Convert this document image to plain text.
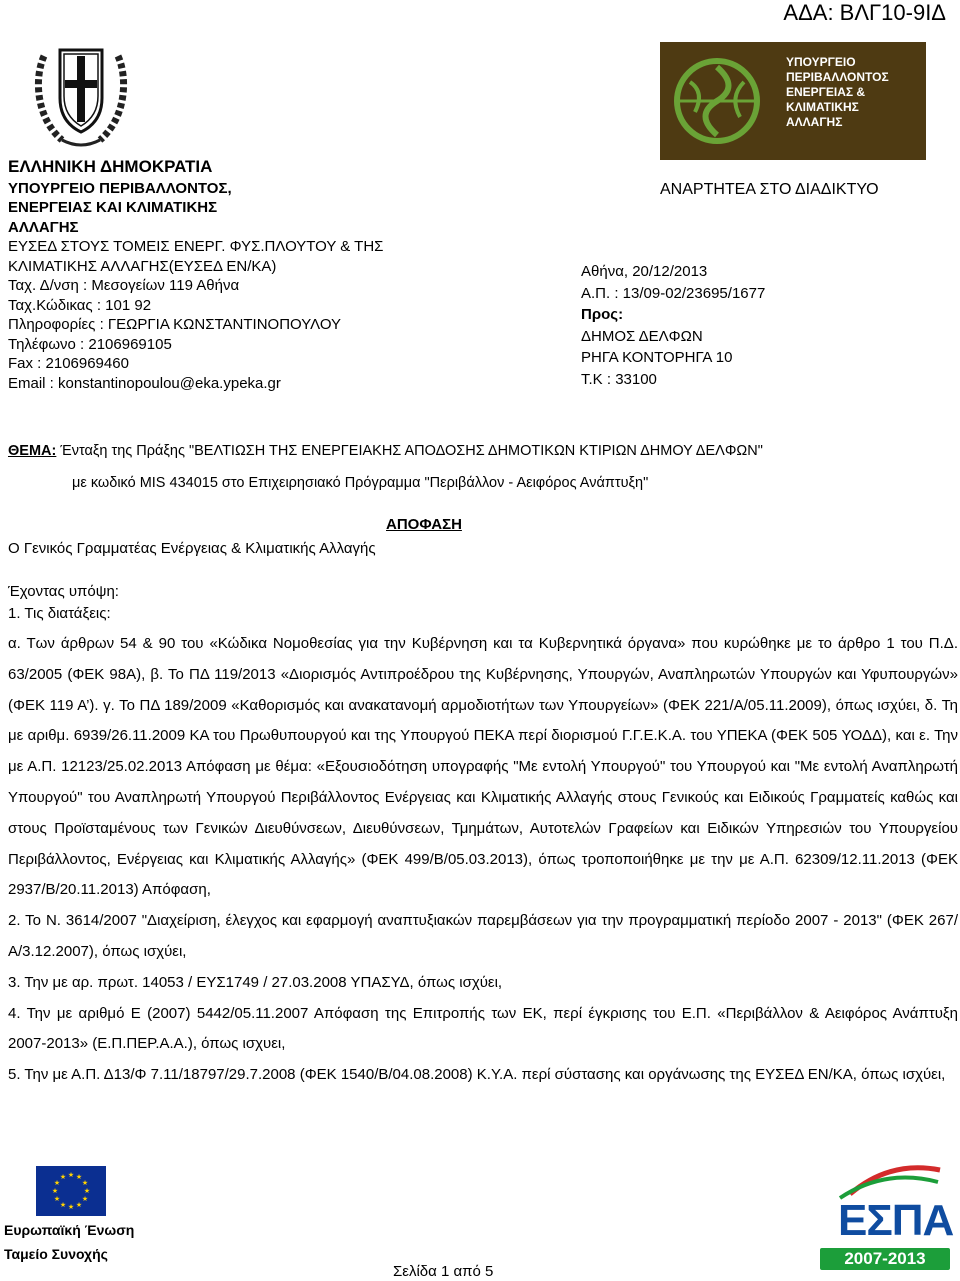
ΑΔΑ: ΒΛΓ10-9ΙΔ
ΥΠΟΥΡΓΕΙΟ
ΠΕΡΙΒΑΛΛΟΝΤΟΣ
ΕΝΕΡΓΕΙΑΣ &
ΚΛΙΜΑΤΙΚΗΣ
ΑΛΛΑΓΗΣ
ΕΛΛΗΝΙΚΗ ΔΗΜΟΚΡΑΤΙΑ
ΥΠΟΥΡΓΕΙΟ ΠΕΡΙΒΑΛΛΟΝΤΟΣ,
ΕΝΕΡΓΕΙΑΣ ΚΑΙ ΚΛΙΜΑΤΙΚΗΣ
ΑΛΛΑΓΗΣ
ΕΥΣΕΔ ΣΤΟΥΣ ΤΟΜΕΙΣ ΕΝΕΡΓ. ΦΥΣ.ΠΛΟΥΤΟΥ & ΤΗΣ
ΚΛΙΜΑΤΙΚΗΣ ΑΛΛΑΓΗΣ(ΕΥΣΕΔ ΕΝ/ΚΑ)
Ταχ. Δ/νση : Μεσογείων 119 Αθήνα
Ταχ.Κώδικας : 101 92
Πληροφορίες : ΓΕΩΡΓΙΑ ΚΩΝΣΤΑΝΤΙΝΟΠΟΥΛΟΥ
Τηλέφωνο : 2106969105
Fax : 2106969460
Email : konstantinopoulou@eka.ypeka.gr
ΑΝΑΡΤΗΤΕΑ ΣΤΟ ΔΙΑΔΙΚΤΥΟ
Αθήνα, 20/12/2013
Α.Π. : 13/09-02/23695/1677
Προς:
ΔΗΜΟΣ ΔΕΛΦΩΝ
ΡΗΓΑ ΚΟΝΤΟΡΗΓΑ 10
Τ.Κ : 33100
ΘΕΜΑ: Ένταξη της Πράξης "ΒΕΛΤΙΩΣΗ ΤΗΣ ΕΝΕΡΓΕΙΑΚΗΣ ΑΠΟΔΟΣΗΣ ΔΗΜΟΤΙΚΩΝ ΚΤΙΡΙΩΝ ΔΗΜΟΥ ΔΕΛΦΩΝ"
με κωδικό MIS 434015 στο Επιχειρησιακό Πρόγραμμα "Περιβάλλον - Αειφόρος Ανάπτυξη"
ΑΠΟΦΑΣΗ
Ο Γενικός Γραμματέας Ενέργειας & Κλιματικής Αλλαγής
Έχοντας υπόψη:
1. Τις διατάξεις:

α. Των άρθρων 54 & 90 του «Κώδικα Νομοθεσίας για την Κυβέρνηση και τα Κυβερνητικά όργανα» που κυρώθηκε με το άρθρο 1 του Π.Δ. 63/2005 (ΦΕΚ 98Α), β. Το ΠΔ 119/2013 «Διορισμός Αντιπροέδρου της Κυβέρνησης, Υπουργών, Αναπληρωτών Υπουργών και Υφυπουργών» (ΦΕΚ 119 Α’). γ. Το ΠΔ 189/2009 «Καθορισμός και ανακατανομή αρμοδιοτήτων των Υπουργείων» (ΦΕΚ 221/Α/05.11.2009), όπως ισχύει, δ. Τη με αριθμ. 6939/26.11.2009 ΚΑ του Πρωθυπουργού και της Υπουργού ΠΕΚΑ περί διορισμού Γ.Γ.Ε.Κ.Α. του ΥΠΕΚΑ (ΦΕΚ 505 ΥΟΔΔ), και ε. Την με Α.Π. 12123/25.02.2013 Απόφαση με θέμα: «Εξουσιοδότηση υπογραφής "Με εντολή Υπουργού" του Υπουργού και "Με εντολή Αναπληρωτή Υπουργού" του Αναπληρωτή Υπουργού Περιβάλλοντος Ενέργειας και Κλιματικής Αλλαγής στους Γενικούς και Ειδικούς Γραμματείς καθώς και στους Προϊσταμένους των Γενικών Διευθύνσεων, Διευθύνσεων, Τμημάτων, Αυτοτελών Γραφείων και Ειδικών Υπηρεσιών του Υπουργείου Περιβάλλοντος, Ενέργειας και Κλιματικής Αλλαγής» (ΦΕΚ 499/Β/05.03.2013), όπως τροποποιήθηκε με την με Α.Π. 62309/12.11.2013 (ΦΕΚ 2937/Β/20.11.2013) Απόφαση,

2. Το Ν. 3614/2007 "Διαχείριση, έλεγχος και εφαρμογή αναπτυξιακών παρεμβάσεων για την προγραμματική περίοδο 2007 - 2013" (ΦΕΚ 267/Α/3.12.2007), όπως ισχύει,

3. Την με αρ. πρωτ. 14053 / ΕΥΣ1749 / 27.03.2008 ΥΠΑΣΥΔ, όπως ισχύει,

4. Την με αριθμό Ε (2007) 5442/05.11.2007 Απόφαση της Επιτροπής των ΕΚ, περί έγκρισης του Ε.Π. «Περιβάλλον & Αειφόρος Ανάπτυξη 2007-2013» (Ε.Π.ΠΕΡ.Α.Α.), όπως ισχυει,

5. Την με Α.Π. Δ13/Φ 7.11/18797/29.7.2008 (ΦΕΚ 1540/Β/04.08.2008) Κ.Υ.Α. περί σύστασης και οργάνωσης της ΕΥΣΕΔ ΕΝ/ΚΑ, όπως ισχύει,

★ ★
★
★
★
★
★
★
★
★
★
★
Ευρωπαϊκή Ένωση
Ταμείο Συνοχής
Σελίδα 1 από 5
ΕΣΠΑ
2007-2013
